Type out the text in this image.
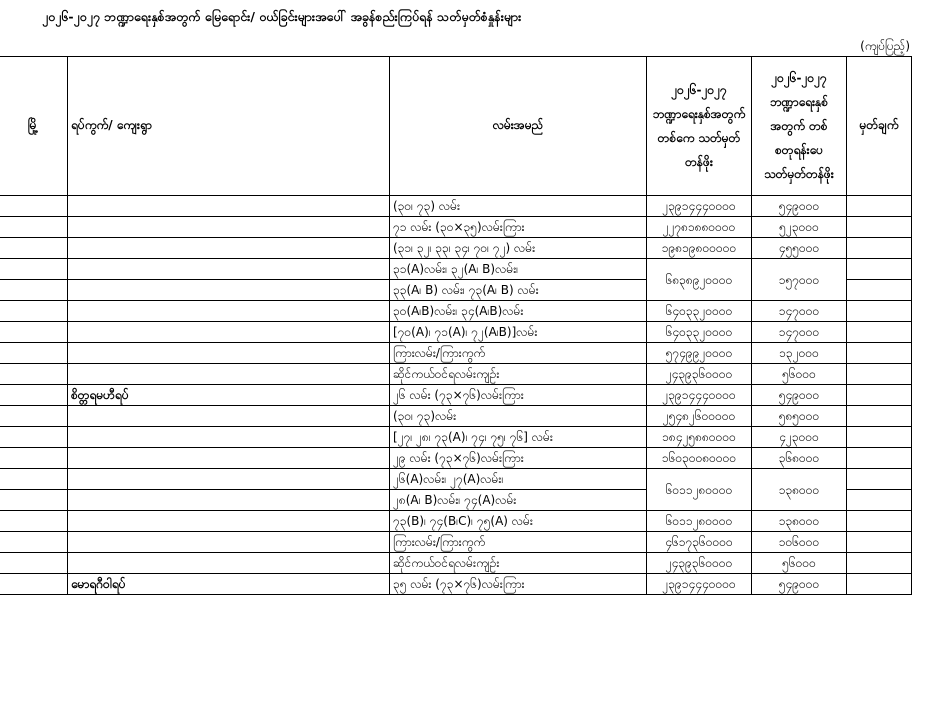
၂၀၂၆-၂၀၂၇ ဘဏ္ဍာရေးနှစ်အတွက် မြေရောင်း/ ဝယ်ခြင်းများအပေါ် အခွန်စည်းကြပ်ရန် သတ်မှတ်စံနှုန်းများ
(ကျပ်ပြည့်)
	မြို့	ရပ်ကွက်/ ကျေးရွာ	လမ်းအမည်	၂၀၂၆-၂၀၂၇ ဘဏ္ဍာရေးနှစ်အတွက် တစ်ကေ သတ်မှတ်တန်ဖိုး	၂၀၂၆-၂၀၂၇ ဘဏ္ဍာရေးနှစ်အတွက် တစ်စတုရန်းပေ သတ်မှတ်တန်ဖိုး	မှတ်ချက်
			(၃၀၊ ၇၃) လမ်း	၂၃၉၁၄၄၄၀၀၀၀	၅၄၉၀၀၀	
			၇၁ လမ်း (၃၀×၃၅)လမ်းကြား	၂၂၇၈၁၈၈၀၀၀၀	၅၂၃၀၀၀	
			(၃၁၊ ၃၂၊ ၃၃၊ ၃၄၊ ၇၀၊ ၇၂) လမ်း	၁၉၈၁၉၈၀၀၀၀၀	၄၅၅၀၀၀	
			၃၁(A)လမ်း၊ ၃၂(A၊ B)လမ်း၊	၆၈၃၈၉၂၀၀၀၀	၁၅၇၀၀၀	
			၃၃(A၊ B) လမ်း၊ ၇၃(A၊ B) လမ်း			
			၃၀(A၊B)လမ်း၊ ၃၄(A၊B)လမ်း	၆၄၀၃၃၂၀၀၀၀	၁၄၇၀၀၀	
			[၇၀(A)၊ ၇၁(A)၊ ၇၂(A၊B)]လမ်း	၆၄၀၃၃၂၀၀၀၀	၁၄၇၀၀၀	
			ကြားလမ်း/ကြားကွက်	၅၇၄၉၉၂၀၀၀၀	၁၃၂၀၀၀	
			ဆိုင်ကယ်ဝင်ရလမ်းကျဉ်း	၂၄၃၉၃၆၀၀၀၀	၅၆၀၀၀	
		စိတ္တရမဟီရပ်	၂၆ လမ်း (၇၃×၇၆)လမ်းကြား	၂၃၉၁၄၄၄၀၀၀၀	၅၄၉၀၀၀	
			(၃၀၊ ၇၃)လမ်း	၂၅၄၈၂၆၀၀၀၀၀	၅၈၅၀၀၀	
			[၂၇၊ ၂၈၊ ၇၃(A)၊ ၇၄၊ ၇၅၊ ၇၆] လမ်း	၁၈၄၂၅၈၈၀၀၀၀	၄၂၃၀၀၀	
			၂၉ လမ်း (၇၃×၇၆)လမ်းကြား	၁၆၀၃၀၀၈၀၀၀၀	၃၆၈၀၀၀	
			၂၆(A)လမ်း၊ ၂၇(A)လမ်း၊	၆၀၁၁၂၈၀၀၀၀	၁၃၈၀၀၀	
			၂၈(A၊ B)လမ်း၊ ၇၄(A)လမ်း			
			၇၃(B)၊ ၇၄(B၊C)၊ ၇၅(A) လမ်း	၆၀၁၁၂၈၀၀၀၀	၁၃၈၀၀၀	
			ကြားလမ်း/ကြားကွက်	၄၆၁၇၃၆၀၀၀၀	၁၀၆၀၀၀	
			ဆိုင်ကယ်ဝင်ရလမ်းကျဉ်း	၂၄၃၉၃၆၀၀၀၀	၅၆၀၀၀	
		မောရဂီဝါရပ်	၃၅ လမ်း (၇၃×၇၆)လမ်းကြား	၂၃၉၁၄၄၄၀၀၀၀	၅၄၉၀၀၀	
